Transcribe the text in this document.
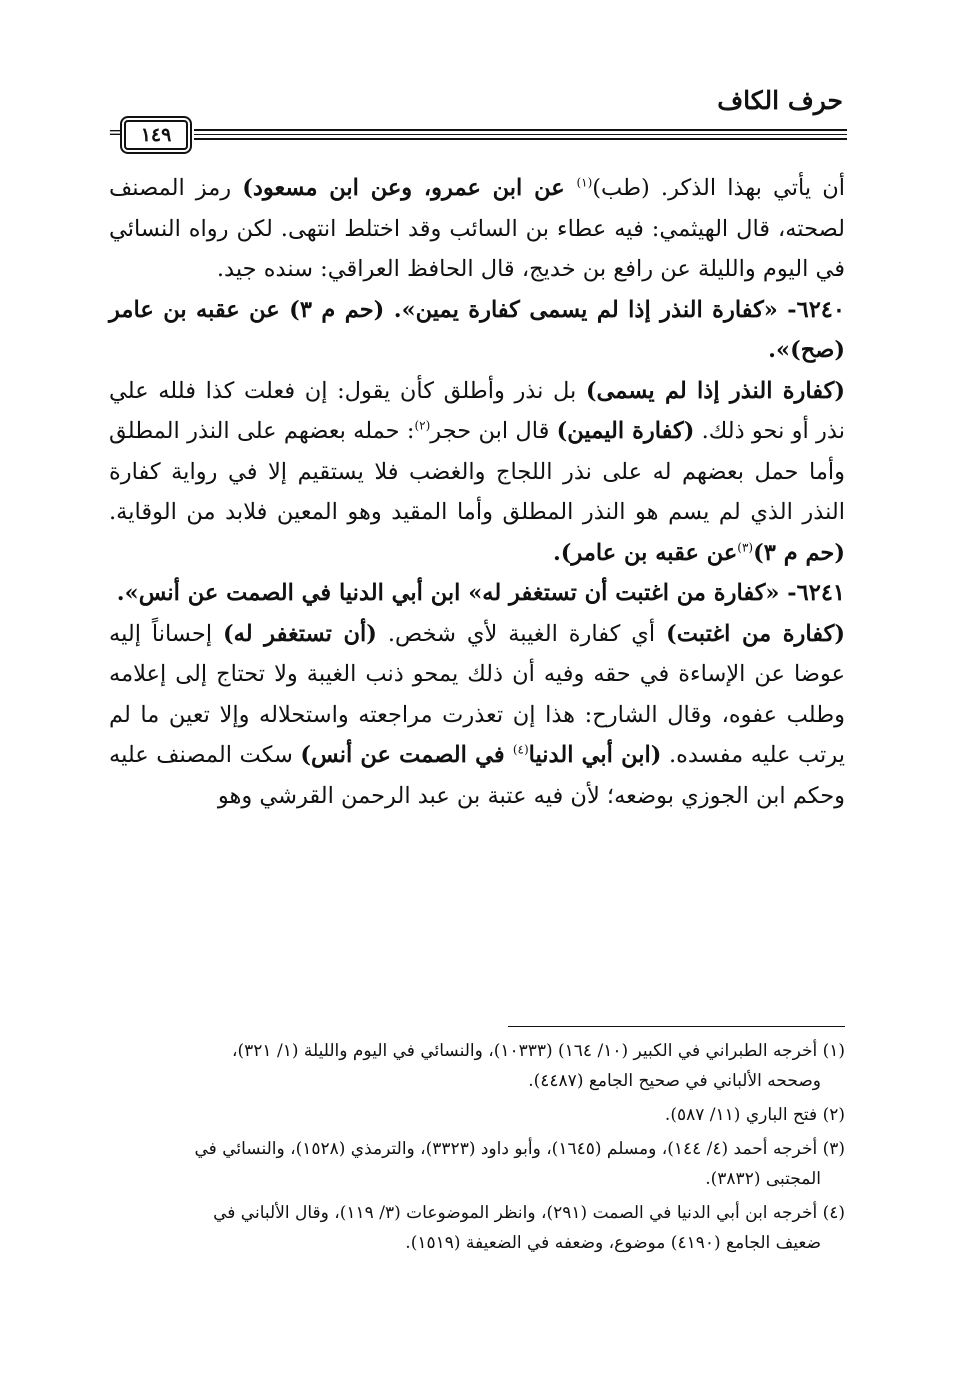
حرف الكاف
= ١٤٩

أن يأتي بهذا الذكر. (طب)$^{(١)}$ عن ابن عمرو، وعن ابن مسعود) رمز المصنف لصحته، قال الهيثمي: فيه عطاء بن السائب وقد اختلط انتهى. لكن رواه النسائي في اليوم والليلة عن رافع بن خديج، قال الحافظ العراقي: سنده جيد.

٦٢٤٠- «كفارة النذر إذا لم يسمى كفارة يمين». (حم م ٣) عن عقبه بن عامر (صح)».

(كفارة النذر إذا لم يسمى) بل نذر وأطلق كأن يقول: إن فعلت كذا فلله علي نذر أو نحو ذلك. (كفارة اليمين) قال ابن حجر$^{(٢)}$: حمله بعضهم على النذر المطلق وأما حمل بعضهم له على نذر اللجاج والغضب فلا يستقيم إلا في رواية كفارة النذر الذي لم يسم هو النذر المطلق وأما المقيد وهو المعين فلابد من الوقاية. (حم م ٣)$^{(٣)}$عن عقبه بن عامر).

٦٢٤١- «كفارة من اغتبت أن تستغفر له» ابن أبي الدنيا في الصمت عن أنس».

(كفارة من اغتبت) أي كفارة الغيبة لأي شخص. (أن تستغفر له) إحساناً إليه عوضا عن الإساءة في حقه وفيه أن ذلك يمحو ذنب الغيبة ولا تحتاج إلى إعلامه وطلب عفوه، وقال الشارح: هذا إن تعذرت مراجعته واستحلاله وإلا تعين ما لم يرتب عليه مفسده. (ابن أبي الدنيا$^{(٤)}$ في الصمت عن أنس) سكت المصنف عليه وحكم ابن الجوزي بوضعه؛ لأن فيه عتبة بن عبد الرحمن القرشي وهو

(١) أخرجه الطبراني في الكبير (١٠/ ١٦٤) (١٠٣٣٣)، والنسائي في اليوم والليلة (١/ ٣٢١)،
وصححه الألباني في صحيح الجامع (٤٤٨٧).

(٢) فتح الباري (١١/ ٥٨٧).

(٣) أخرجه أحمد (٤/ ١٤٤)، ومسلم (١٦٤٥)، وأبو داود (٣٣٢٣)، والترمذي (١٥٢٨)، والنسائي في
المجتبى (٣٨٣٢).

(٤) أخرجه ابن أبي الدنيا في الصمت (٢٩١)، وانظر الموضوعات (٣/ ١١٩)، وقال الألباني في
ضعيف الجامع (٤١٩٠) موضوع، وضعفه في الضعيفة (١٥١٩).
